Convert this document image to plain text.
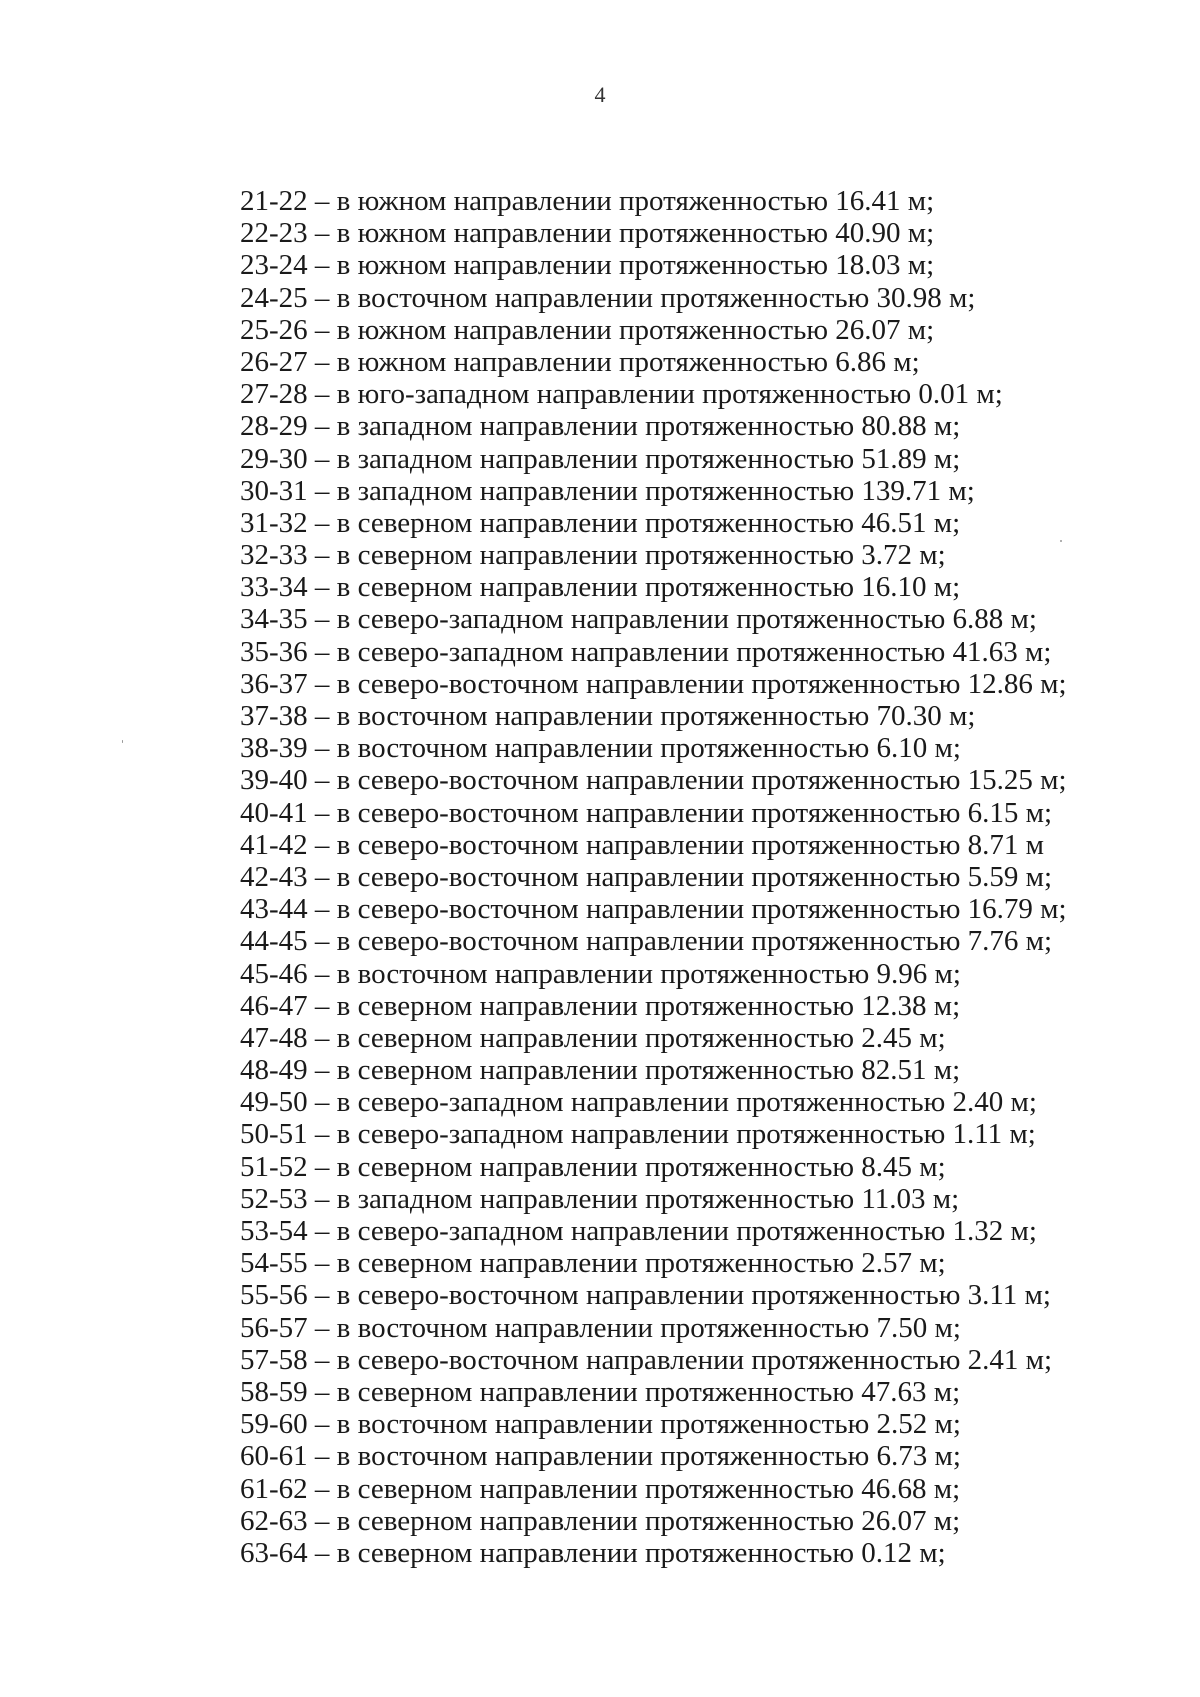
4
21-22 – в южном направлении протяженностью 16.41 м;
22-23 – в южном направлении протяженностью 40.90 м;
23-24 – в южном направлении протяженностью 18.03 м;
24-25 – в восточном направлении протяженностью 30.98 м;
25-26 – в южном направлении протяженностью 26.07 м;
26-27 – в южном направлении протяженностью 6.86 м;
27-28 – в юго-западном направлении протяженностью 0.01 м;
28-29 – в западном направлении протяженностью 80.88 м;
29-30 – в западном направлении протяженностью 51.89 м;
30-31 – в западном направлении протяженностью 139.71 м;
31-32 – в северном направлении протяженностью 46.51 м;
32-33 – в северном направлении протяженностью 3.72 м;
33-34 – в северном направлении протяженностью 16.10 м;
34-35 – в северо-западном направлении протяженностью 6.88 м;
35-36 – в северо-западном направлении протяженностью 41.63 м;
36-37 – в северо-восточном направлении протяженностью 12.86 м;
37-38 – в восточном направлении протяженностью 70.30 м;
38-39 – в восточном направлении протяженностью 6.10 м;
39-40 – в северо-восточном направлении протяженностью 15.25 м;
40-41 – в северо-восточном направлении протяженностью 6.15 м;
41-42 – в северо-восточном направлении протяженностью 8.71 м
42-43 – в северо-восточном направлении протяженностью 5.59 м;
43-44 – в северо-восточном направлении протяженностью 16.79 м;
44-45 – в северо-восточном направлении протяженностью 7.76 м;
45-46 – в восточном направлении протяженностью 9.96 м;
46-47 – в северном направлении протяженностью 12.38 м;
47-48 – в северном направлении протяженностью 2.45 м;
48-49 – в северном направлении протяженностью 82.51 м;
49-50 – в северо-западном направлении протяженностью 2.40 м;
50-51 – в северо-западном направлении протяженностью 1.11 м;
51-52 – в северном направлении протяженностью 8.45 м;
52-53 – в западном направлении протяженностью 11.03 м;
53-54 – в северо-западном направлении протяженностью 1.32 м;
54-55 – в северном направлении протяженностью 2.57 м;
55-56 – в северо-восточном направлении протяженностью 3.11 м;
56-57 – в восточном направлении протяженностью 7.50 м;
57-58 – в северо-восточном направлении протяженностью 2.41 м;
58-59 – в северном направлении протяженностью 47.63 м;
59-60 – в восточном направлении протяженностью 2.52 м;
60-61 – в восточном направлении протяженностью 6.73 м;
61-62 – в северном направлении протяженностью 46.68 м;
62-63 – в северном направлении протяженностью 26.07 м;
63-64 – в северном направлении протяженностью 0.12 м;
